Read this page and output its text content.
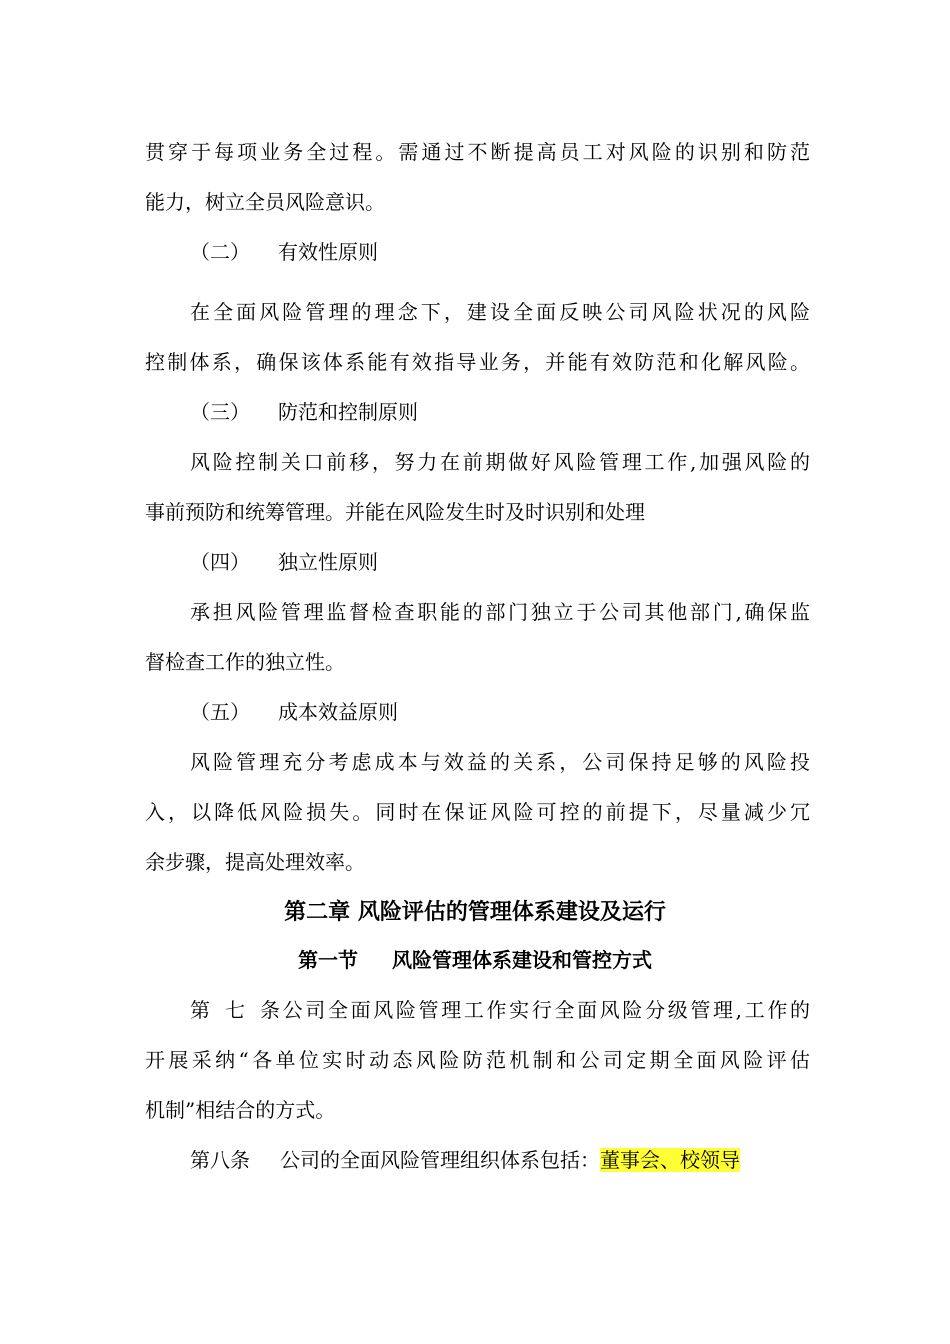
贯穿于每项业务全过程。需通过不断提高员工对风险的识别和防范
能力，树立全员风险意识。
（二） 有效性原则
在全面风险管理的理念下，建设全面反映公司风险状况的风险
控制体系，确保该体系能有效指导业务，并能有效防范和化解风险。
（三） 防范和控制原则
风险控制关口前移，努力在前期做好风险管理工作,加强风险的
事前预防和统筹管理。并能在风险发生时及时识别和处理
（四） 独立性原则
承担风险管理监督检查职能的部门独立于公司其他部门,确保监
督检查工作的独立性。
（五） 成本效益原则
风险管理充分考虑成本与效益的关系，公司保持足够的风险投
入，以降低风险损失。同时在保证风险可控的前提下，尽量减少冗
余步骤，提高处理效率。
第二章 风险评估的管理体系建设及运行
第一节 风险管理体系建设和管控方式
第七条公司全面风险管理工作实行全面风险分级管理,工作的
开展采纳“各单位实时动态风险防范机制和公司定期全面风险评估
机制”相结合的方式。
第八条 公司的全面风险管理组织体系包括：董事会、校领导
